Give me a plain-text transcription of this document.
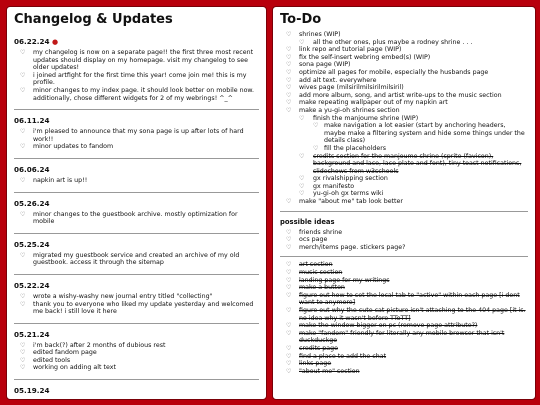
Changelog & Updates
06.22.24 ●
♡ my changelog is now on a separate page!! the first three most recent updates should display on my homepage. visit my changelog to see older updates!
♡ i joined artfight for the first time this year! come join me! this is my profile.
♡ minor changes to my index page. it should look better on mobile now. additionally, chose different widgets for 2 of my webrings! ^_^
06.11.24
♡ i'm pleased to announce that my sona page is up after lots of hard work!!
♡ minor updates to fandom
06.06.24
♡ napkin art is up!!
05.26.24
♡ minor changes to the guestbook archive. mostly optimization for mobile
05.25.24
♡ migrated my guestbook service and created an archive of my old guestbook. access it through the sitemap
05.22.24
♡ wrote a wishy-washy new journal entry titled "collecting"
♡ thank you to everyone who liked my update yesterday and welcomed me back! i still love it here
05.21.24
♡ i'm back(?) after 2 months of dubious rest
♡ edited fandom page
♡ edited tools
♡ working on adding alt text
05.19.24
To-Do
♡ shrines (WIP)
♡ all the other ones, plus maybe a rodney shrine . . .
♡ link repo and tutorial page (WIP)
♡ fix the self-insert webring embed(s) (WIP)
♡ sona page (WIP)
♡ optimize all pages for mobile, especially the husbands page
♡ add alt text. everywhere
♡ wives page (milsirilmilsirilmilsiril)
♡ add more album, song, and artist write-ups to the music section
♡ make repeating wallpaper out of my napkin art
♡ make a yu-gi-oh shrines section
♡ finish the manjoume shrine (WIP)
♡ make navigation a lot easier (start by anchoring headers, maybe make a filtering system and hide some things under the details class)
♡ fill the placeholders
♡ credits section for the manjoume shrine (sprite (favicon), background and lace, lace plate and font), tiny toast notifications, slideshows from w3schools
♡ gx rivalshipping section
♡ gx manifesto
♡ yu-gi-oh gx terms wiki
♡ make "about me" tab look better
possible ideas
♡ friends shrine
♡ ocs page
♡ merch/items page. stickers page?
♡ art section
♡ music section
♡ landing page for my writings
♡ make a button
♡ figure out how to set the local tab to "active" within each page [i dont want to anymore]
♡ figure out why the cute cat picture isn't attaching to the 404 page [it is. no idea why it wasn't before TToTT]
♡ make the window bigger on pc (remove page attribute?)
♡ make "fandom" friendly for literally any mobile browser that isn't duckduckgo
♡ credits page
♡ find a place to add the chat
♡ links page
♡ "about me" section
